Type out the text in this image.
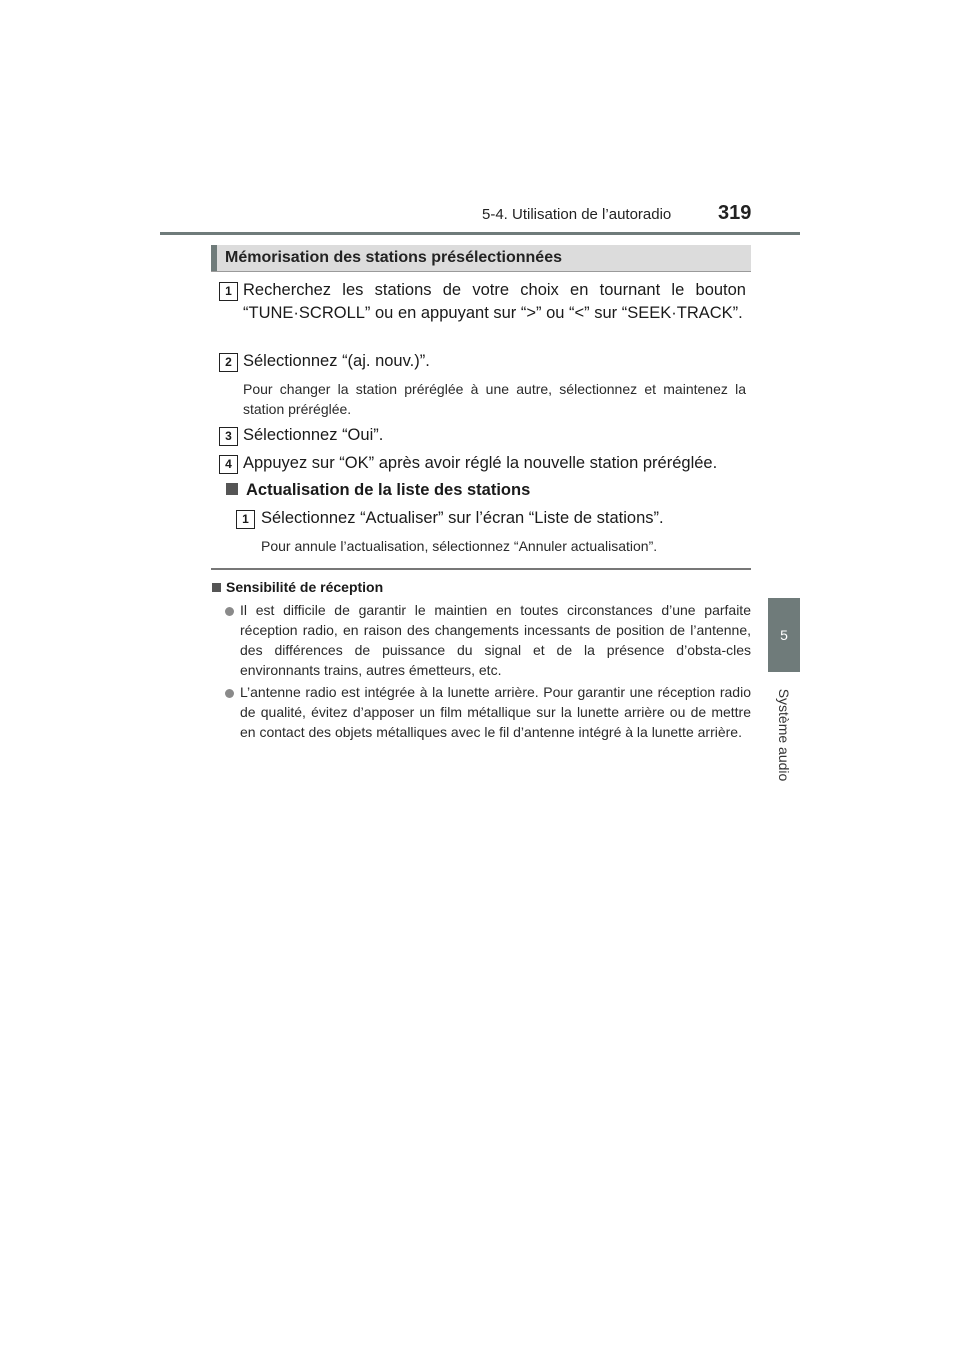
5-4. Utilisation de l’autoradio 319
5
Système audio
Mémorisation des stations présélectionnées
1 Recherchez les stations de votre choix en tournant le bouton “TUNE·SCROLL” ou en appuyant sur “>” ou “<” sur “SEEK·TRACK”.
2 Sélectionnez “(aj. nouv.)”.
Pour changer la station préréglée à une autre, sélectionnez et maintenez la station préréglée.
3 Sélectionnez “Oui”.
4 Appuyez sur “OK” après avoir réglé la nouvelle station préréglée.
Actualisation de la liste des stations
1 Sélectionnez “Actualiser” sur l’écran “Liste de stations”.
Pour annule l’actualisation, sélectionnez “Annuler actualisation”.
Sensibilité de réception
Il est difficile de garantir le maintien en toutes circonstances d’une parfaite réception radio, en raison des changements incessants de position de l’antenne, des différences de puissance du signal et de la présence d’obsta-cles environnants trains, autres émetteurs, etc.
L’antenne radio est intégrée à la lunette arrière. Pour garantir une réception radio de qualité, évitez d’apposer un film métallique sur la lunette arrière ou de mettre en contact des objets métalliques avec le fil d’antenne intégré à la lunette arrière.
